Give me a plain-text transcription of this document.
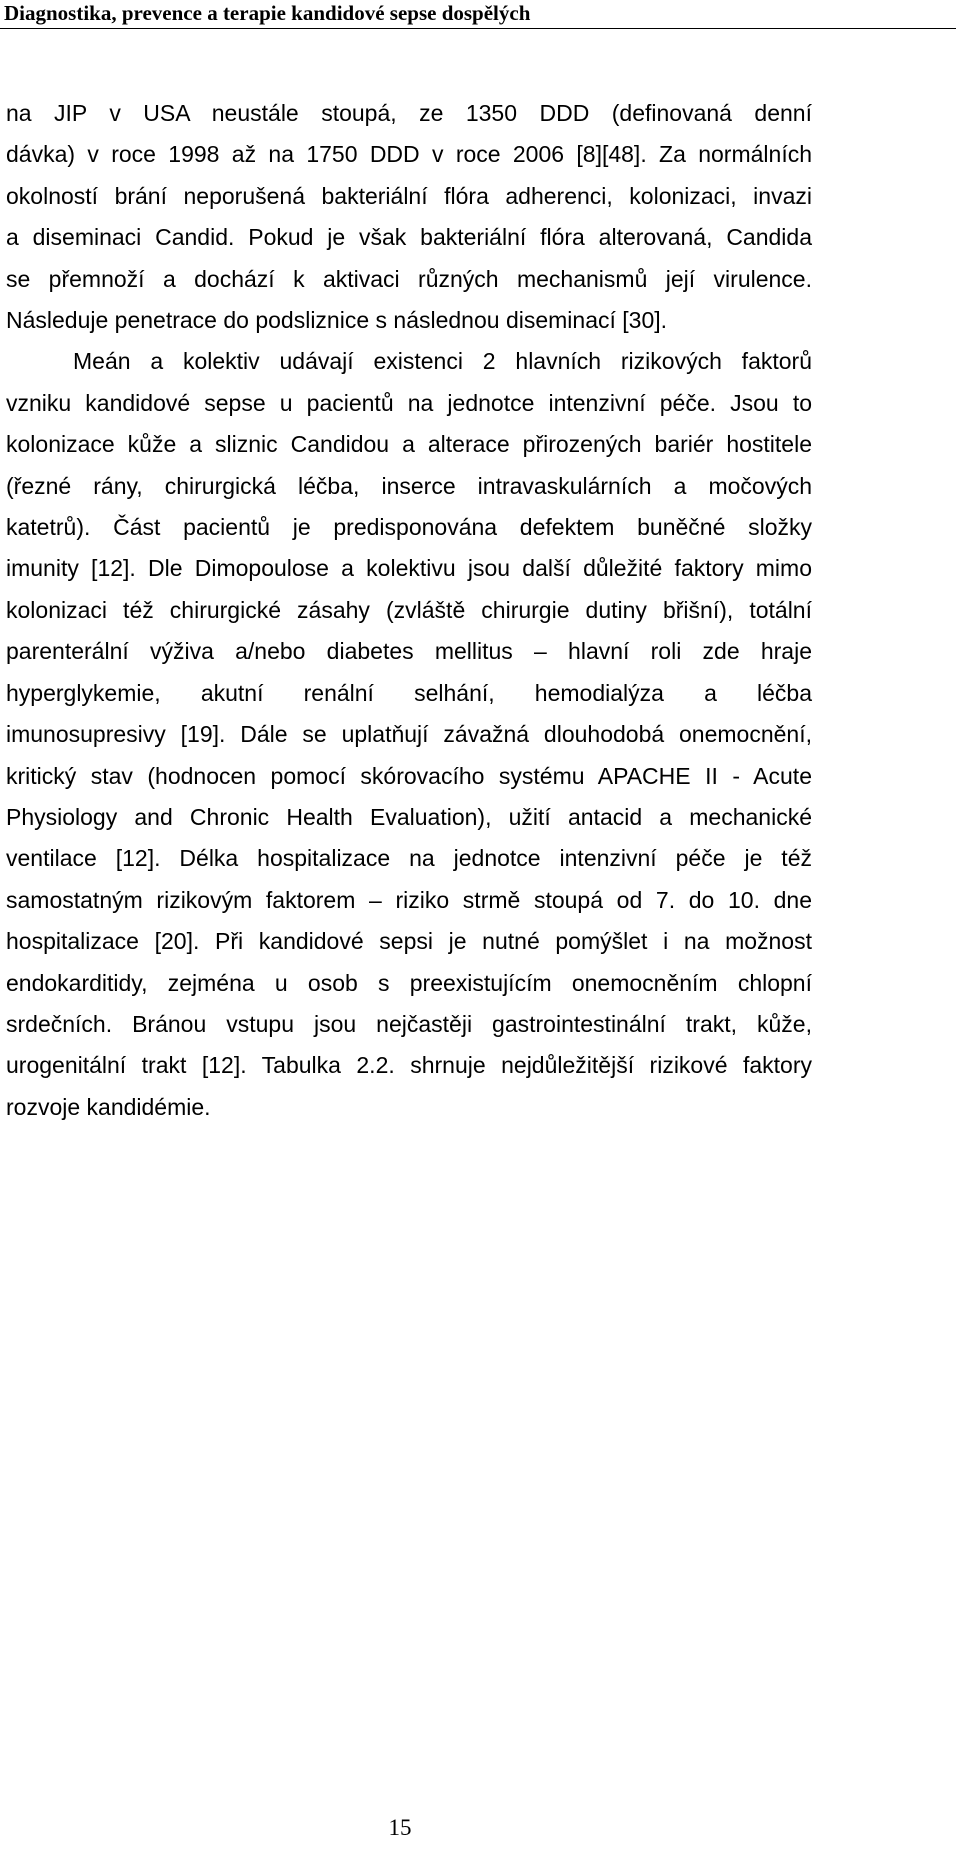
Diagnostika, prevence a terapie kandidové sepse dospělých
na JIP v USA neustále stoupá, ze 1350 DDD (definovaná denní
dávka) v roce 1998 až na 1750 DDD v roce 2006 [8][48]. Za normálních
okolností brání neporušená bakteriální flóra adherenci, kolonizaci, invazi
a diseminaci Candid. Pokud je však bakteriální flóra alterovaná, Candida
se přemnoží a dochází k aktivaci různých mechanismů její virulence.
Následuje penetrace do podsliznice s následnou diseminací [30].
Meán a kolektiv udávají existenci 2 hlavních rizikových faktorů
vzniku kandidové sepse u pacientů na jednotce intenzivní péče. Jsou to
kolonizace kůže a sliznic Candidou a alterace přirozených bariér hostitele
(řezné rány, chirurgická léčba, inserce intravaskulárních a močových
katetrů). Část pacientů je predisponována defektem buněčné složky
imunity [12]. Dle Dimopoulose a kolektivu jsou další důležité faktory mimo
kolonizaci též chirurgické zásahy (zvláště chirurgie dutiny břišní), totální
parenterální výživa a/nebo diabetes mellitus – hlavní roli zde hraje
hyperglykemie, akutní renální selhání, hemodialýza a léčba
imunosupresivy [19]. Dále se uplatňují závažná dlouhodobá onemocnění,
kritický stav (hodnocen pomocí skórovacího systému APACHE II - Acute
Physiology and Chronic Health Evaluation), užití antacid a mechanické
ventilace [12]. Délka hospitalizace na jednotce intenzivní péče je též
samostatným rizikovým faktorem – riziko strmě stoupá od 7. do 10. dne
hospitalizace [20]. Při kandidové sepsi je nutné pomýšlet i na možnost
endokarditidy, zejména u osob s preexistujícím onemocněním chlopní
srdečních. Bránou vstupu jsou nejčastěji gastrointestinální trakt, kůže,
urogenitální trakt [12]. Tabulka 2.2. shrnuje nejdůležitější rizikové faktory
rozvoje kandidémie.
15
